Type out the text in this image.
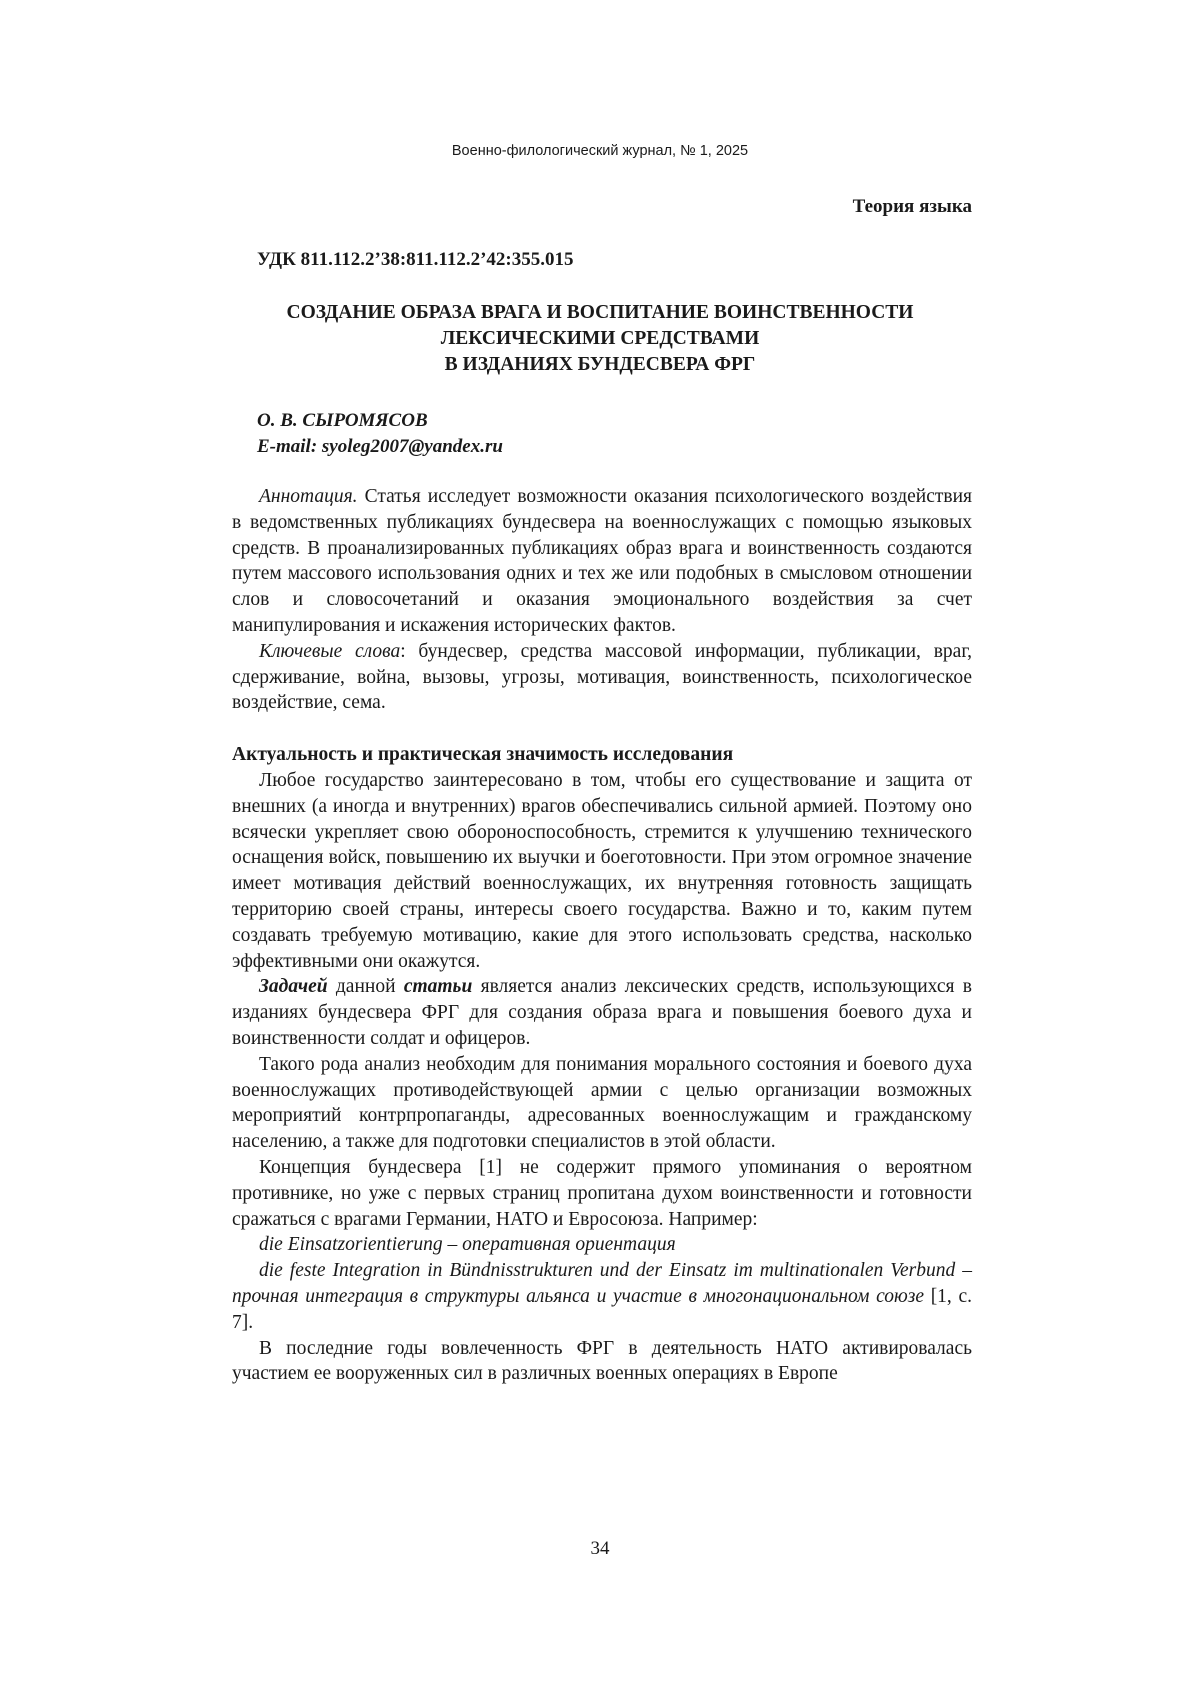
Военно-филологический журнал, № 1, 2025
Теория языка
УДК 811.112.2’38:811.112.2’42:355.015
СОЗДАНИЕ ОБРАЗА ВРАГА И ВОСПИТАНИЕ ВОИНСТВЕННОСТИ
ЛЕКСИЧЕСКИМИ СРЕДСТВАМИ
В ИЗДАНИЯХ БУНДЕСВЕРА ФРГ
О. В. СЫРОМЯСОВ
E-mail: syoleg2007@yandex.ru

Аннотация. Статья исследует возможности оказания психологического воздействия в ведомственных публикациях бундесвера на военнослужащих с помощью языковых средств. В проанализированных публикациях образ врага и воинственность создаются путем массового использования одних и тех же или подобных в смысловом отношении слов и словосочетаний и оказания эмоционального воздействия за счет манипулирования и искажения исторических фактов.

Ключевые слова: бундесвер, средства массовой информации, публикации, враг, сдерживание, война, вызовы, угрозы, мотивация, воинственность, психологическое воздействие, сема.

Актуальность и практическая значимость исследования

Любое государство заинтересовано в том, чтобы его существование и защита от внешних (а иногда и внутренних) врагов обеспечивались сильной армией. Поэтому оно всячески укрепляет свою обороноспособность, стремится к улучшению технического оснащения войск, повышению их выучки и боеготовности. При этом огромное значение имеет мотивация действий военнослужащих, их внутренняя готовность защищать территорию своей страны, интересы своего государства. Важно и то, каким путем создавать требуемую мотивацию, какие для этого использовать средства, насколько эффективными они окажутся.

Задачей данной статьи является анализ лексических средств, использующихся в изданиях бундесвера ФРГ для создания образа врага и повышения боевого духа и воинственности солдат и офицеров.

Такого рода анализ необходим для понимания морального состояния и боевого духа военнослужащих противодействующей армии с целью организации возможных мероприятий контрпропаганды, адресованных военнослужащим и гражданскому населению, а также для подготовки специалистов в этой области.

Концепция бундесвера [1] не содержит прямого упоминания о вероятном противнике, но уже с первых страниц пропитана духом воинственности и готовности сражаться с врагами Германии, НАТО и Евросоюза. Например:

die Einsatzorientierung – оперативная ориентация

die feste Integration in Bündnisstrukturen und der Einsatz im multinationalen Verbund – прочная интеграция в структуры альянса и участие в многонациональном союзе [1, с. 7].

В последние годы вовлеченность ФРГ в деятельность НАТО активировалась участием ее вооруженных сил в различных военных операциях в Европе

34
